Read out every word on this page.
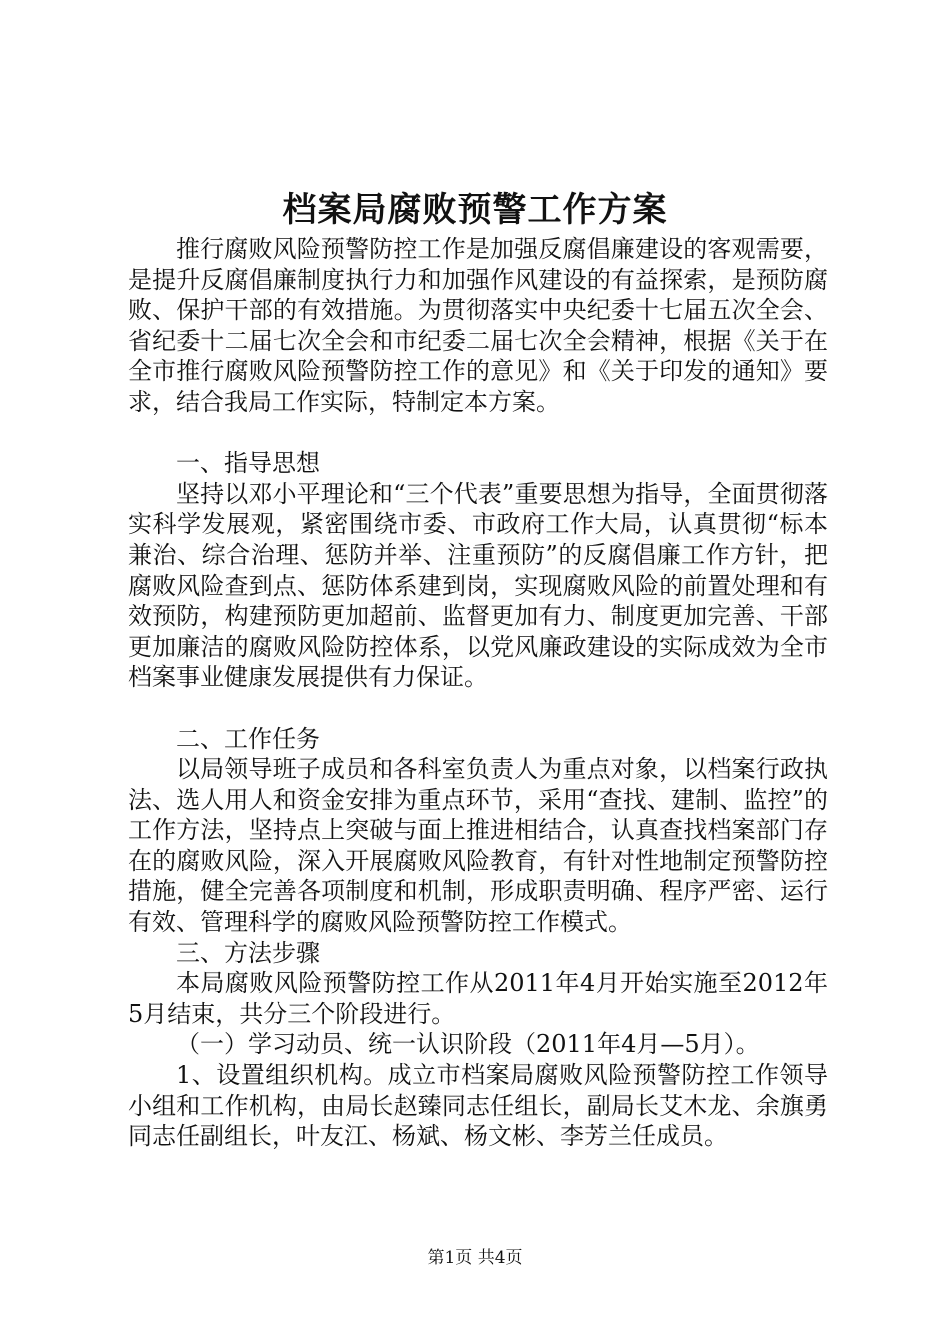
档案局腐败预警工作方案

推行腐败风险预警防控工作是加强反腐倡廉建设的客观需要，是提升反腐倡廉制度执行力和加强作风建设的有益探索，是预防腐败、保护干部的有效措施。为贯彻落实中央纪委十七届五次全会、省纪委十二届七次全会和市纪委二届七次全会精神，根据《关于在全市推行腐败风险预警防控工作的意见》和《关于印发的通知》要求，结合我局工作实际，特制定本方案。

一、指导思想

坚持以邓小平理论和“三个代表”重要思想为指导，全面贯彻落实科学发展观，紧密围绕市委、市政府工作大局，认真贯彻“标本兼治、综合治理、惩防并举、注重预防”的反腐倡廉工作方针，把腐败风险查到点、惩防体系建到岗，实现腐败风险的前置处理和有效预防，构建预防更加超前、监督更加有力、制度更加完善、干部更加廉洁的腐败风险防控体系，以党风廉政建设的实际成效为全市档案事业健康发展提供有力保证。

二、工作任务

以局领导班子成员和各科室负责人为重点对象，以档案行政执法、选人用人和资金安排为重点环节，采用“查找、建制、监控”的工作方法，坚持点上突破与面上推进相结合，认真查找档案部门存在的腐败风险，深入开展腐败风险教育，有针对性地制定预警防控措施，健全完善各项制度和机制，形成职责明确、程序严密、运行有效、管理科学的腐败风险预警防控工作模式。

三、方法步骤

本局腐败风险预警防控工作从2011年4月开始实施至2012年5月结束，共分三个阶段进行。

（一）学习动员、统一认识阶段（2011年4月—5月）。

1、设置组织机构。成立市档案局腐败风险预警防控工作领导小组和工作机构，由局长赵臻同志任组长，副局长艾木龙、余旗勇同志任副组长，叶友江、杨斌、杨文彬、李芳兰任成员。

第1页 共4页
